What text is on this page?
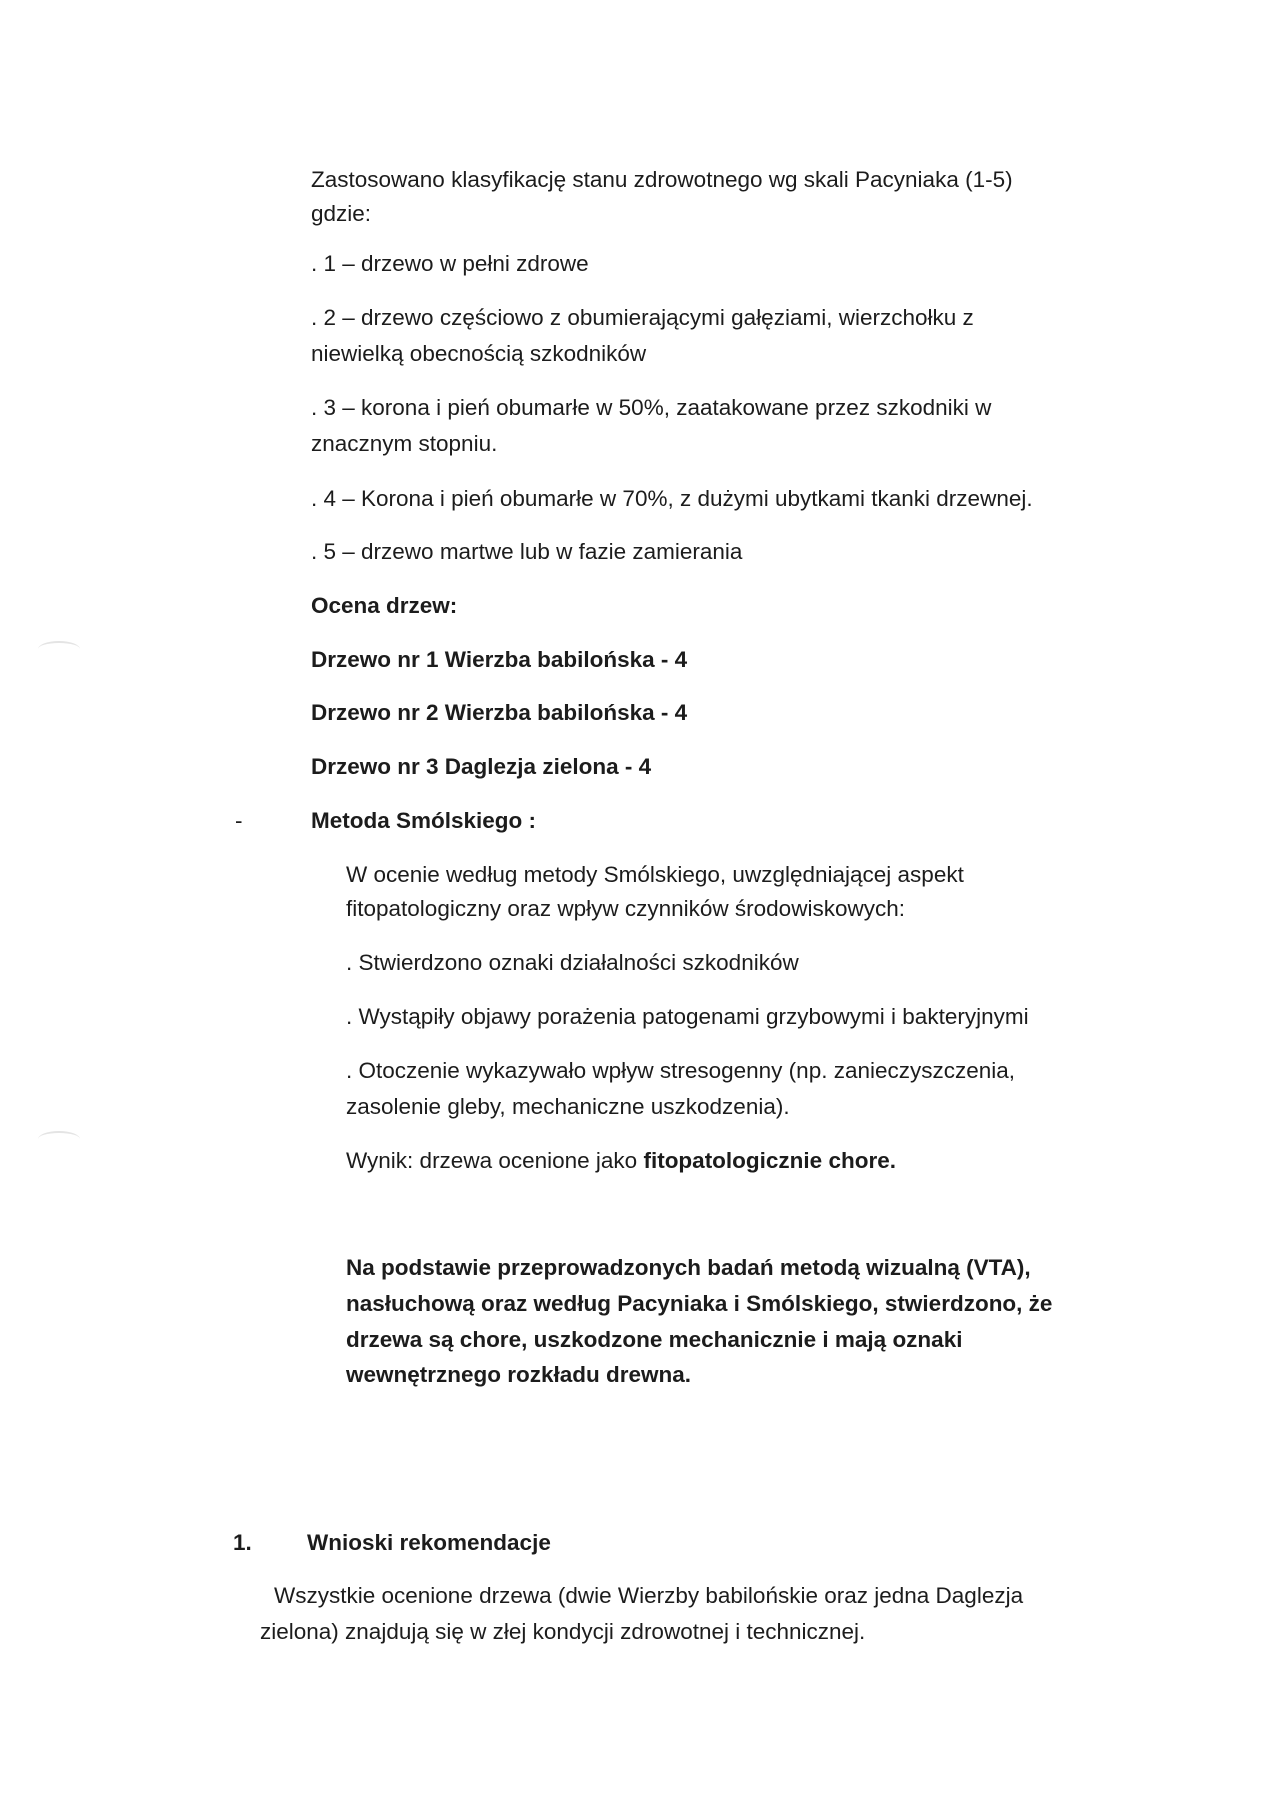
Zastosowano klasyfikację stanu zdrowotnego wg skali Pacyniaka (1-5)

gdzie:

. 1 – drzewo w pełni zdrowe

. 2 – drzewo częściowo z obumierającymi gałęziami, wierzchołku z

niewielką obecnością szkodników

. 3 – korona i pień obumarłe w 50%, zaatakowane przez szkodniki w

znacznym stopniu.

. 4 – Korona i pień obumarłe w 70%, z dużymi ubytkami tkanki drzewnej.

. 5 – drzewo martwe lub w fazie zamierania

Ocena drzew:

Drzewo nr 1 Wierzba babilońska - 4

Drzewo nr 2 Wierzba babilońska - 4

Drzewo nr 3 Daglezja zielona - 4

-	Metoda Smólskiego :

W ocenie według metody Smólskiego, uwzględniającej aspekt

fitopatologiczny oraz wpływ czynników środowiskowych:

. Stwierdzono oznaki działalności szkodników

. Wystąpiły objawy porażenia patogenami grzybowymi i bakteryjnymi

. Otoczenie wykazywało wpływ stresogenny (np. zanieczyszczenia,

zasolenie gleby, mechaniczne uszkodzenia).

Wynik: drzewa ocenione jako fitopatologicznie chore.

Na podstawie przeprowadzonych badań metodą wizualną (VTA),

nasłuchową oraz według Pacyniaka i Smólskiego, stwierdzono, że

drzewa są chore, uszkodzone mechanicznie i mają oznaki

wewnętrznego rozkładu drewna.

1. Wnioski rekomendacje

Wszystkie ocenione drzewa (dwie Wierzby babilońskie oraz jedna Daglezja

zielona) znajdują się w złej kondycji zdrowotnej i technicznej.
